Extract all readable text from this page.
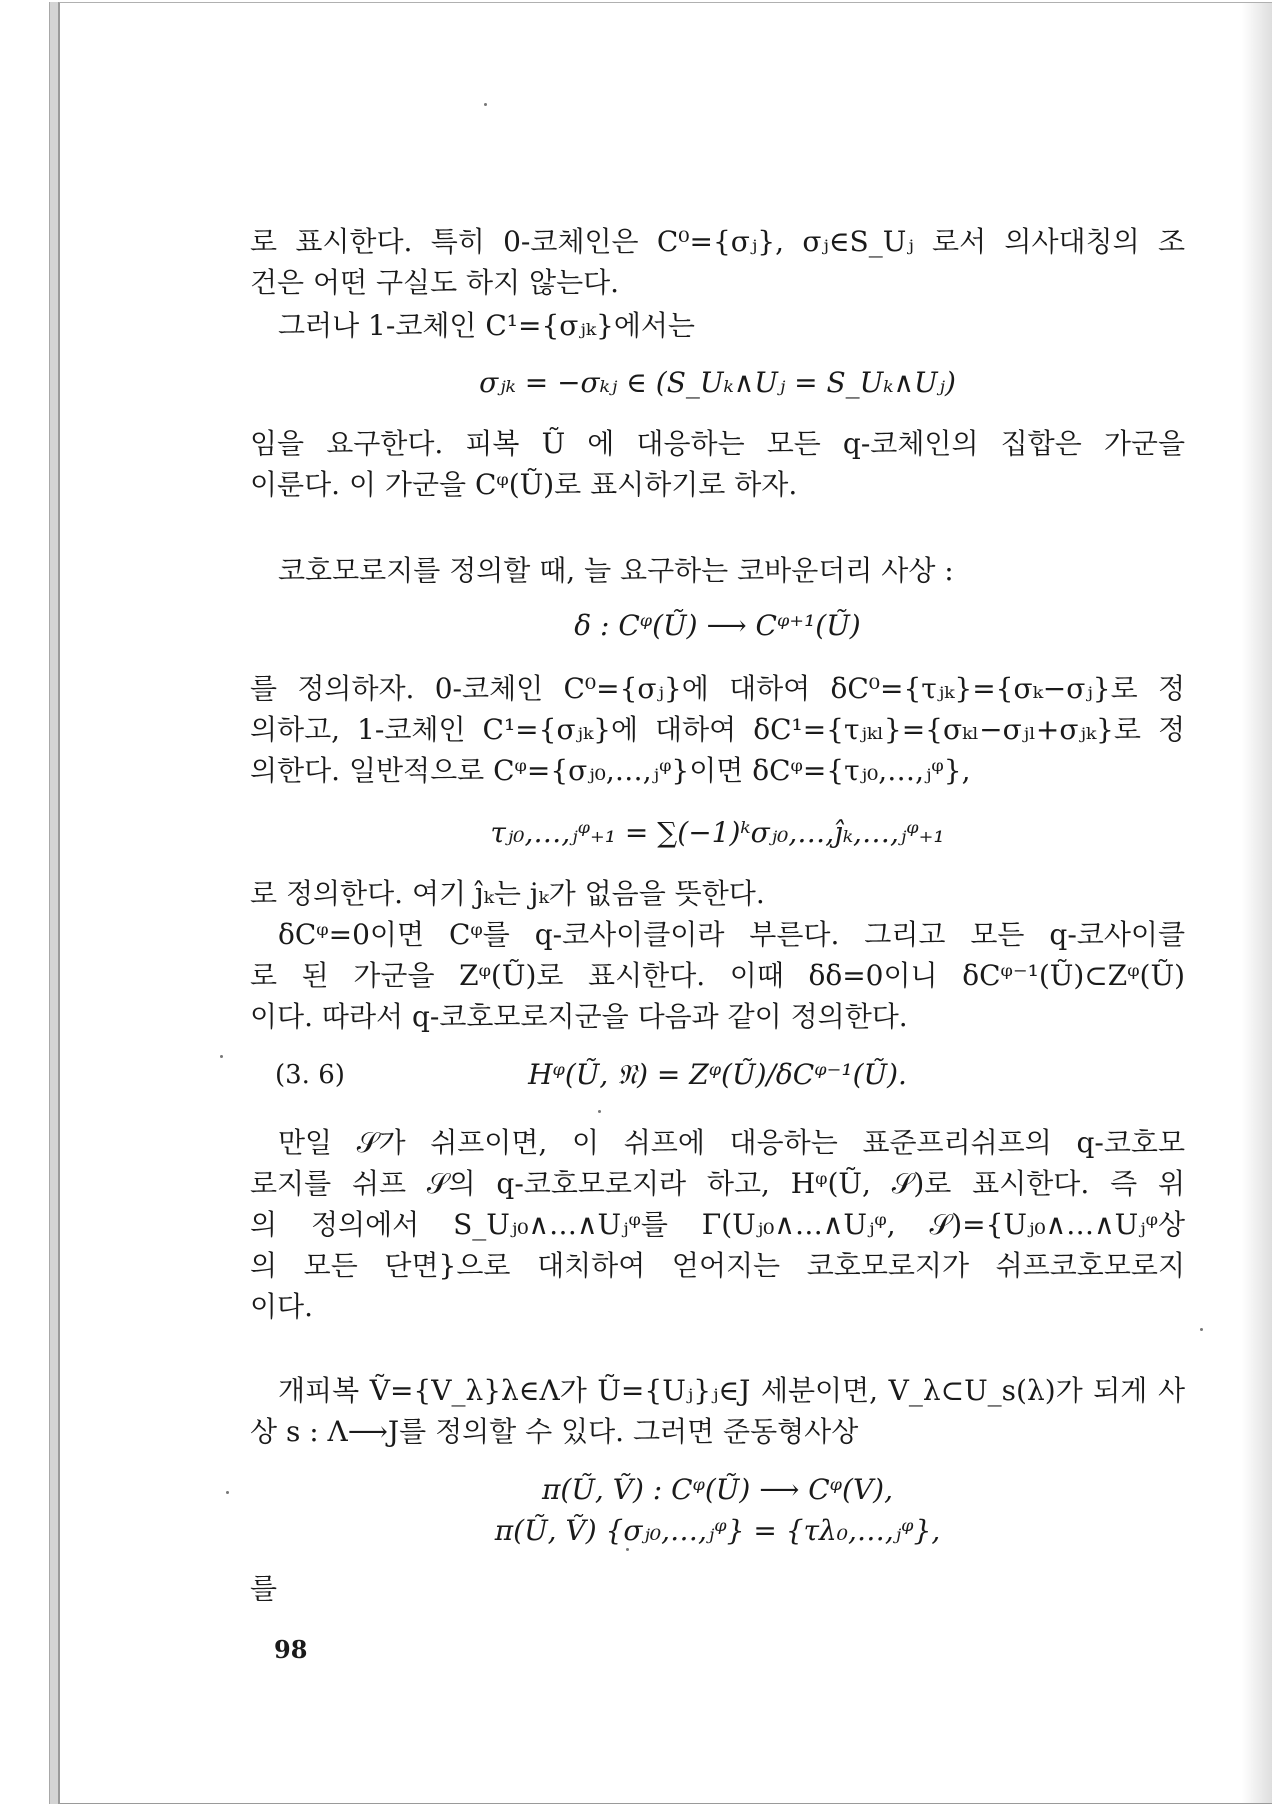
로 표시한다. 특히 0-코체인은 C⁰={σⱼ}, σⱼ∈S_Uⱼ 로서 의사대칭의 조
건은 어떤 구실도 하지 않는다.
그러나 1-코체인 C¹={σⱼₖ}에서는
σⱼₖ = −σₖⱼ ∈ (S_Uₖ∧Uⱼ = S_Uₖ∧Uⱼ)
임을 요구한다. 피복 Ũ 에 대응하는 모든 q-코체인의 집합은 가군을
이룬다. 이 가군을 Cᵠ(Ũ)로 표시하기로 하자.
코호모로지를 정의할 때, 늘 요구하는 코바운더리 사상 :
δ : Cᵠ(Ũ) ⟶ Cᵠ⁺¹(Ũ)
를 정의하자. 0-코체인 C⁰={σⱼ}에 대하여 δC⁰={τⱼₖ}={σₖ−σⱼ}로 정
의하고, 1-코체인 C¹={σⱼₖ}에 대하여 δC¹={τⱼₖₗ}={σₖₗ−σⱼₗ+σⱼₖ}로 정
의한다. 일반적으로 Cᵠ={σⱼ₀,…,ⱼᵠ}이면 δCᵠ={τⱼ₀,…,ⱼᵠ},
τⱼ₀,…,ⱼᵠ₊₁ = ∑(−1)ᵏσⱼ₀,…,ĵₖ,…,ⱼᵠ₊₁
로 정의한다. 여기 ĵₖ는 jₖ가 없음을 뜻한다.
δCᵠ=0이면 Cᵠ를 q-코사이클이라 부른다. 그리고 모든 q-코사이클
로 된 가군을 Zᵠ(Ũ)로 표시한다. 이때 δδ=0이니 δCᵠ⁻¹(Ũ)⊂Zᵠ(Ũ)
이다. 따라서 q-코호모로지군을 다음과 같이 정의한다.
(3. 6)	Hᵠ(Ũ, 𝔑) = Zᵠ(Ũ)/δCᵠ⁻¹(Ũ).
만일 𝒮가 쉬프이면, 이 쉬프에 대응하는 표준프리쉬프의 q-코호모
로지를 쉬프 𝒮의 q-코호모로지라 하고, Hᵠ(Ũ, 𝒮)로 표시한다. 즉 위
의 정의에서 S_Uⱼ₀∧…∧Uⱼᵠ를 Γ(Uⱼ₀∧…∧Uⱼᵠ, 𝒮)={Uⱼ₀∧…∧Uⱼᵠ상
의 모든 단면}으로 대치하여 얻어지는 코호모로지가 쉬프코호모로지
이다.
개피복 Ṽ={V_λ}λ∈Λ가 Ũ={Uⱼ}ⱼ∈J 세분이면, V_λ⊂U_s(λ)가 되게 사
상 s : Λ⟶J를 정의할 수 있다. 그러면 준동형사상
π(Ũ, Ṽ) : Cᵠ(Ũ) ⟶ Cᵠ(V),
π(Ũ, Ṽ) {σⱼ₀,…,ⱼᵠ} = {τλ₀,…,ⱼᵠ},
를
98
